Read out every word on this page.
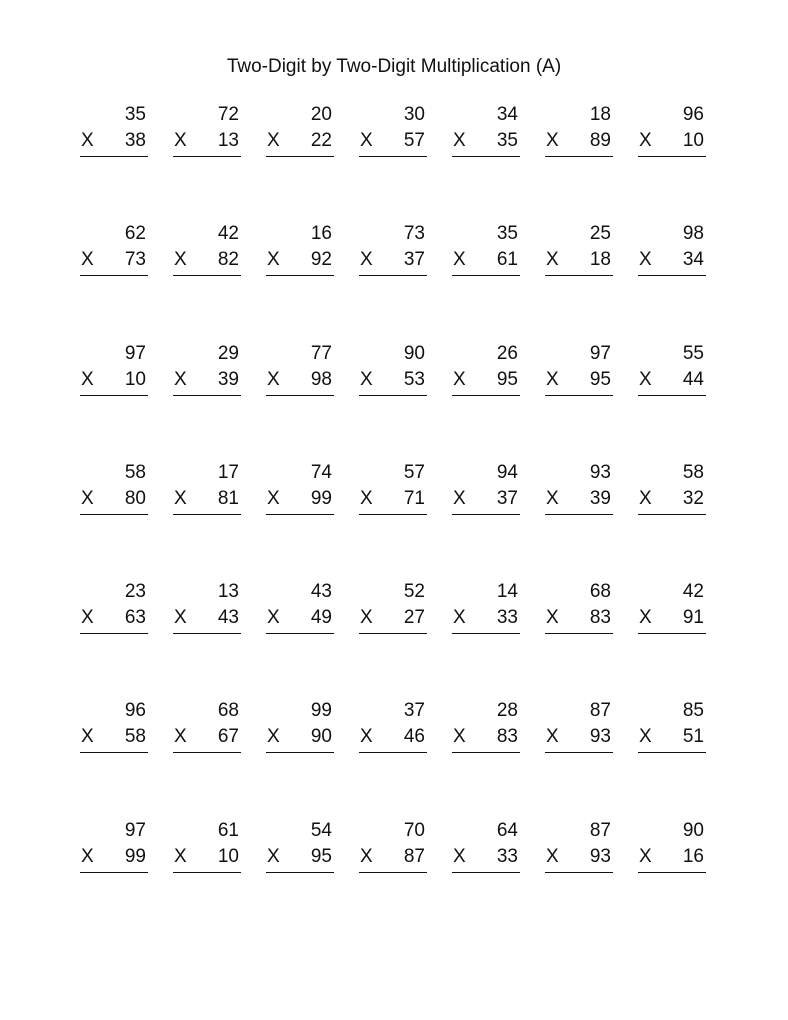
Two-Digit by Two-Digit Multiplication (A)
35
X 38
72
X 13
20
X 22
30
X 57
34
X 35
18
X 89
96
X 10
62
X 73
42
X 82
16
X 92
73
X 37
35
X 61
25
X 18
98
X 34
97
X 10
29
X 39
77
X 98
90
X 53
26
X 95
97
X 95
55
X 44
58
X 80
17
X 81
74
X 99
57
X 71
94
X 37
93
X 39
58
X 32
23
X 63
13
X 43
43
X 49
52
X 27
14
X 33
68
X 83
42
X 91
96
X 58
68
X 67
99
X 90
37
X 46
28
X 83
87
X 93
85
X 51
97
X 99
61
X 10
54
X 95
70
X 87
64
X 33
87
X 93
90
X 16
